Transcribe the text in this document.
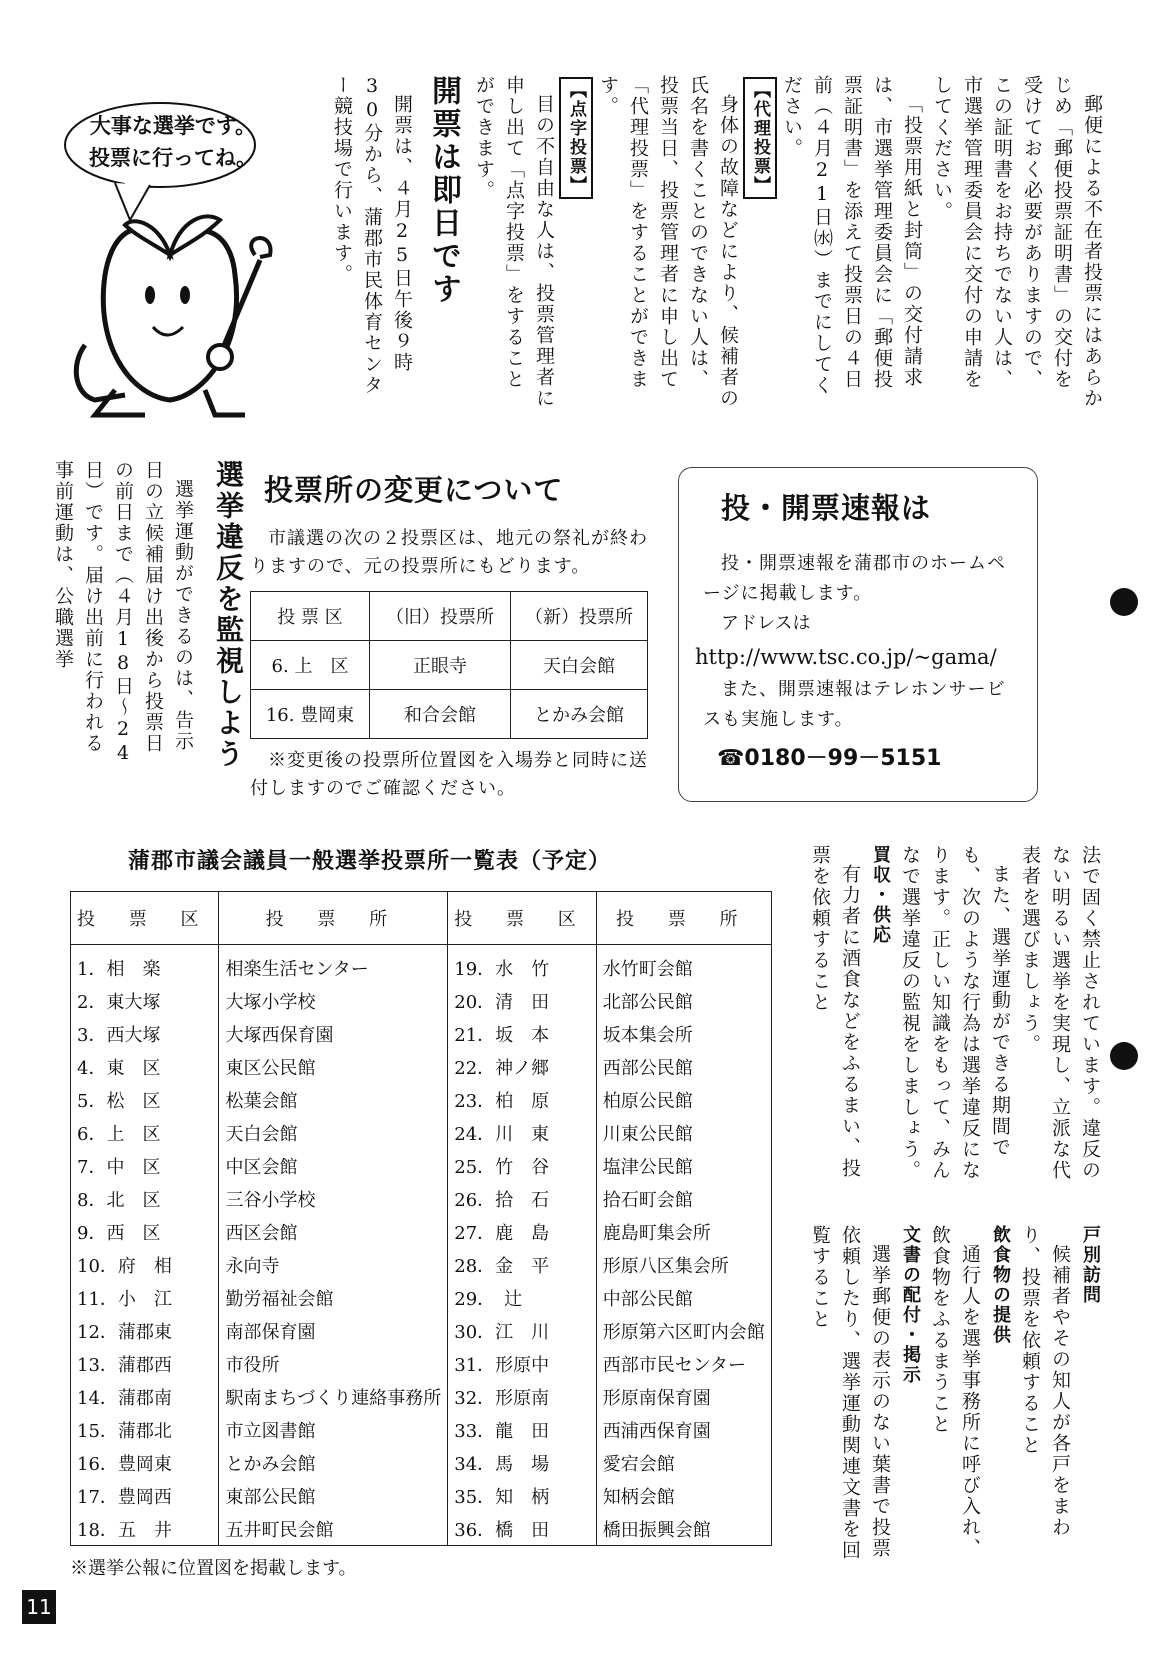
大事な選挙です。
投票に行ってね。	郵便による不在者投票にはあらかじめ「郵便投票証明書」の交付を受けておく必要がありますので、この証明書をお持ちでない人は、市選挙管理委員会に交付の申請をしてください。

「投票用紙と封筒」の交付請求は、市選挙管理委員会に「郵便投票証明書」を添えて投票日の４日前（４月21日㈬）までにしてください。

【代理投票】

身体の故障などにより、候補者の氏名を書くことのできない人は、投票当日、投票管理者に申し出て「代理投票」をすることができます。

【点字投票】

目の不自由な人は、投票管理者に申し出て「点字投票」をすることができます。

開票は即日です

開票は、４月25日午後９時30分から、蒲郡市民体育センター競技場で行います。

選挙違反を監視しよう

選挙運動ができるのは、告示日の立候補届け出後から投票日の前日まで（４月18日～24日）です。届け出前に行われる事前運動は、公職選挙	投票所の変更について
市議選の次の２投票区は、地元の祭礼が終わりますので、元の投票所にもどります。
投 票 区	（旧）投票所	（新）投票所
6. 上　区	正眼寺	天白会館
16. 豊岡東	和合会館	とかみ会館
※変更後の投票所位置図を入場券と同時に送付しますのでご確認ください。
投・開票速報は
投・開票速報を蒲郡市のホームページに掲載します。
アドレスは
http://www.tsc.co.jp/~gama/
また、開票速報はテレホンサービスも実施します。
☎0180－99－5151
蒲郡市議会議員一般選挙投票所一覧表（予定）
投 票 区	投 票 所	投 票 区	投 票 所
1．相　楽	相楽生活センター	19．水　竹	水竹町会館
2．東大塚	大塚小学校	20．清　田	北部公民館
3．西大塚	大塚西保育園	21．坂　本	坂本集会所
4．東　区	東区公民館	22．神ノ郷	西部公民館
5．松　区	松葉会館	23．柏　原	柏原公民館
6．上　区	天白会館	24．川　東	川東公民館
7．中　区	中区会館	25．竹　谷	塩津公民館
8．北　区	三谷小学校	26．拾　石	拾石町会館
9．西　区	西区会館	27．鹿　島	鹿島町集会所
10．府　相	永向寺	28．金　平	形原八区集会所
11．小　江	勤労福祉会館	29．　辻	中部公民館
12．蒲郡東	南部保育園	30．江　川	形原第六区町内会館
13．蒲郡西	市役所	31．形原中	西部市民センター
14．蒲郡南	駅南まちづくり連絡事務所	32．形原南	形原南保育園
15．蒲郡北	市立図書館	33．龍　田	西浦西保育園
16．豊岡東	とかみ会館	34．馬　場	愛宕会館
17．豊岡西	東部公民館	35．知　柄	知柄会館
18．五　井	五井町民会館	36．橋　田	橋田振興会館
※選挙公報に位置図を掲載します。

法で固く禁止されています。違反のない明るい選挙を実現し、立派な代表者を選びましょう。

また、選挙運動ができる期間でも、次のような行為は選挙違反になります。正しい知識をもって、みんなで選挙違反の監視をしましょう。

買収・供応

有力者に酒食などをふるまい、投票を依頼すること

戸別訪問

候補者やその知人が各戸をまわり、投票を依頼すること

飲食物の提供

通行人を選挙事務所に呼び入れ、飲食物をふるまうこと

文書の配付・掲示

選挙郵便の表示のない葉書で投票依頼したり、選挙運動関連文書を回覧すること

11
